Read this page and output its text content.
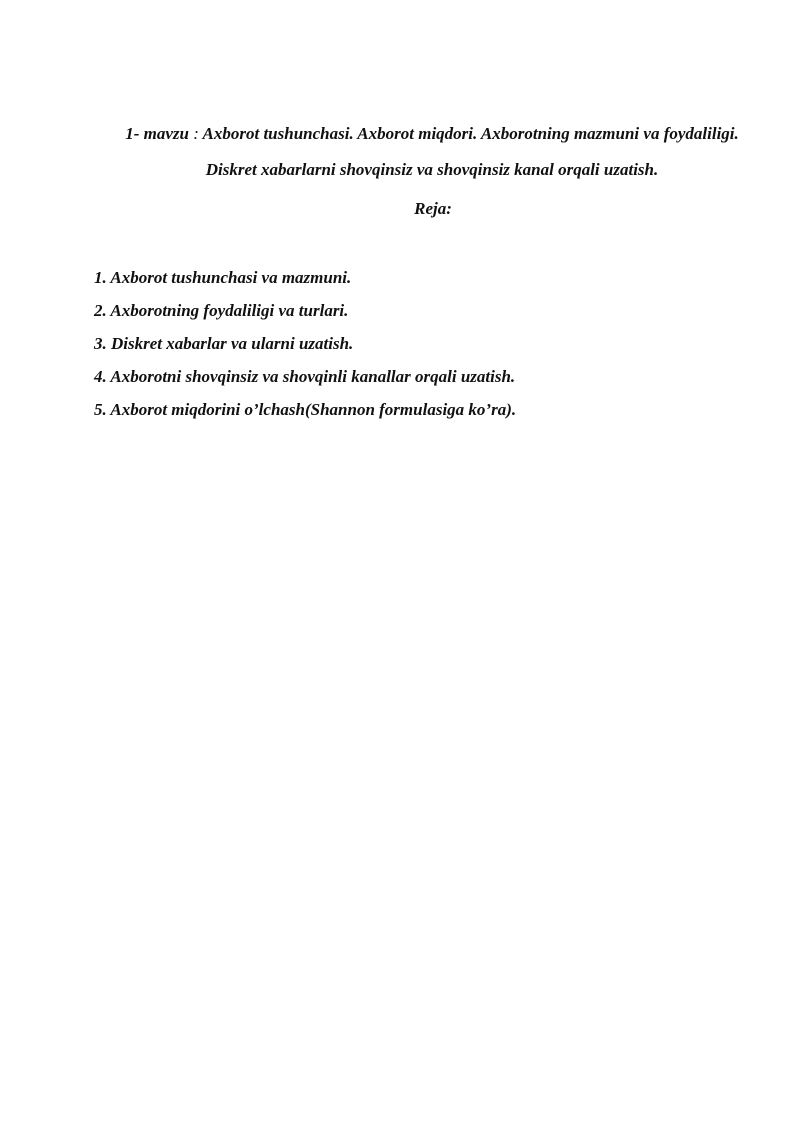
1- mavzu : Axborot tushunchasi. Axborot miqdori. Axborotning mazmuni va foydaliligi. Diskret xabarlarni shovqinsiz va shovqinsiz kanal orqali uzatish.
Reja:
1. Axborot tushunchasi va mazmuni.
2. Axborotning foydaliligi va turlari.
3. Diskret xabarlar va ularni uzatish.
4. Axborotni shovqinsiz va shovqinli kanallar orqali uzatish.
5. Axborot miqdorini o’lchash(Shannon formulasiga ko’ra).
